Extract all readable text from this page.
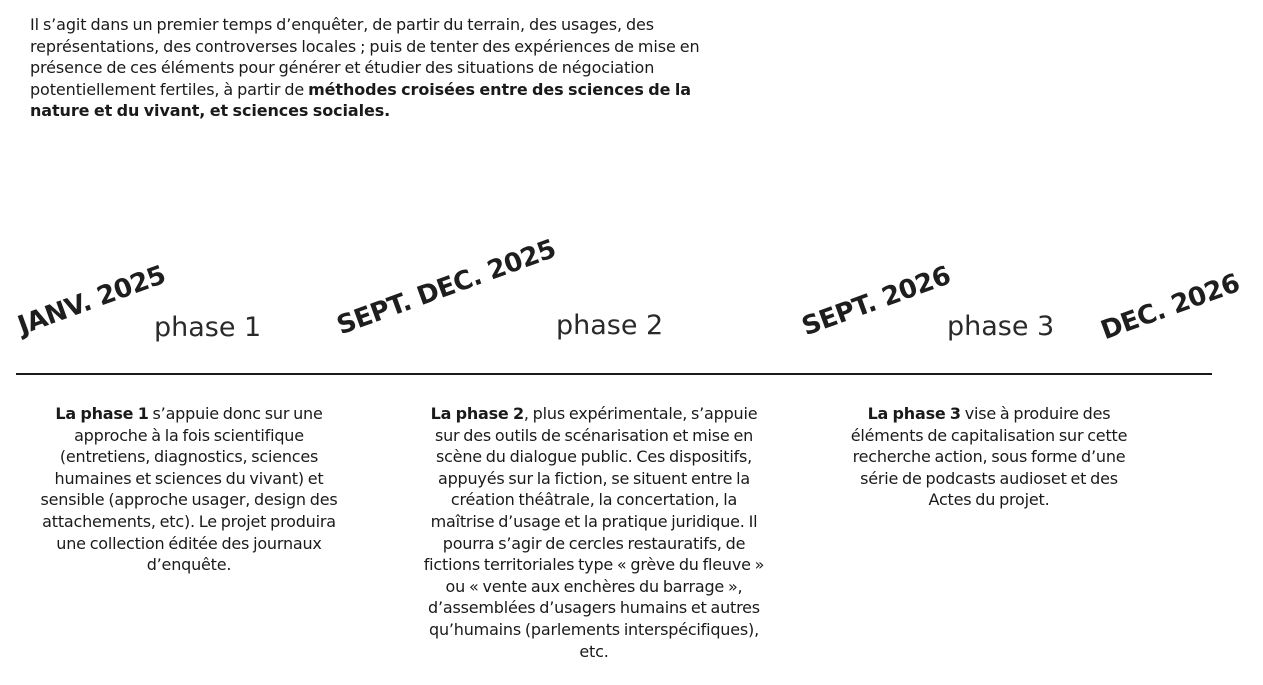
Il s’agit dans un premier temps d’enquêter, de partir du terrain, des usages, des représentations, des controverses locales ; puis de tenter des expériences de mise en présence de ces éléments pour générer et étudier des situations de négociation potentiellement fertiles, à partir de méthodes croisées entre des sciences de la nature et du vivant, et sciences sociales.

JANV. 2025	SEPT. DEC. 2025	SEPT. 2026	DEC. 2026
phase 1	phase 2	phase 3

La phase 1 s’appuie donc sur une approche à la fois scientifique (entretiens, diagnostics, sciences humaines et sciences du vivant) et sensible (approche usager, design des attachements, etc). Le projet produira une collection éditée des journaux d’enquête.

La phase 2, plus expérimentale, s’appuie sur des outils de scénarisation et mise en scène du dialogue public. Ces dispositifs, appuyés sur la fiction, se situent entre la création théâtrale, la concertation, la maîtrise d’usage et la pratique juridique. Il pourra s’agir de cercles restauratifs, de fictions territoriales type « grève du fleuve » ou « vente aux enchères du barrage », d’assemblées d’usagers humains et autres qu’humains (parlements interspécifiques), etc.

La phase 3 vise à produire des éléments de capitalisation sur cette recherche action, sous forme d’une série de podcasts audioset et des Actes du projet.
